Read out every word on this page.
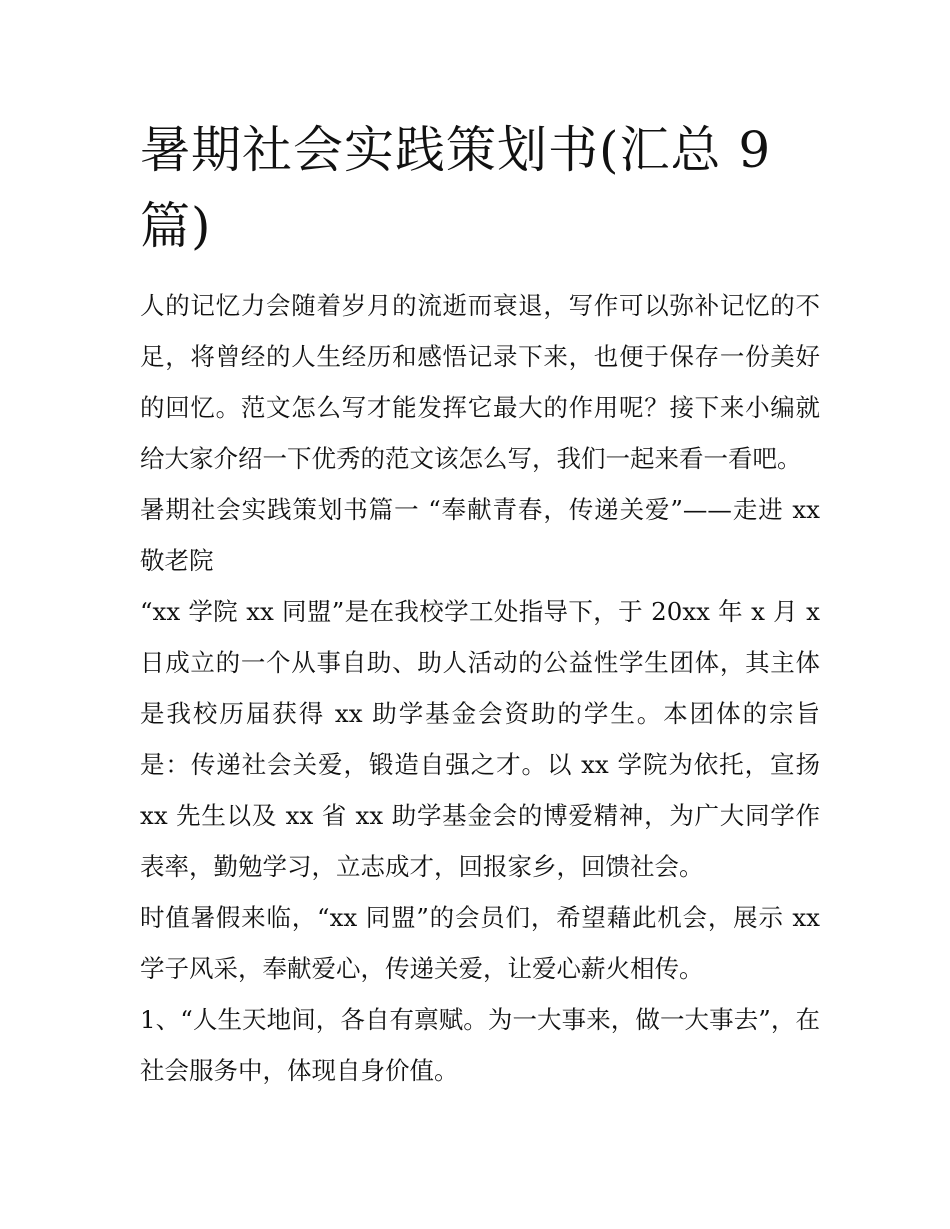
暑期社会实践策划书(汇总 9 篇)

人的记忆力会随着岁月的流逝而衰退，写作可以弥补记忆的不足，将曾经的人生经历和感悟记录下来，也便于保存一份美好的回忆。范文怎么写才能发挥它最大的作用呢？接下来小编就给大家介绍一下优秀的范文该怎么写，我们一起来看一看吧。

暑期社会实践策划书篇一 “奉献青春，传递关爱”——走进 xx 敬老院

“xx 学院 xx 同盟”是在我校学工处指导下，于 20xx 年 x 月 x 日成立的一个从事自助、助人活动的公益性学生团体，其主体是我校历届获得 xx 助学基金会资助的学生。本团体的宗旨是：传递社会关爱，锻造自强之才。以 xx 学院为依托，宣扬 xx 先生以及 xx 省 xx 助学基金会的博爱精神，为广大同学作表率，勤勉学习，立志成才，回报家乡，回馈社会。

时值暑假来临，“xx 同盟”的会员们，希望藉此机会，展示 xx 学子风采，奉献爱心，传递关爱，让爱心薪火相传。

1、“人生天地间，各自有禀赋。为一大事来，做一大事去”，在社会服务中，体现自身价值。
